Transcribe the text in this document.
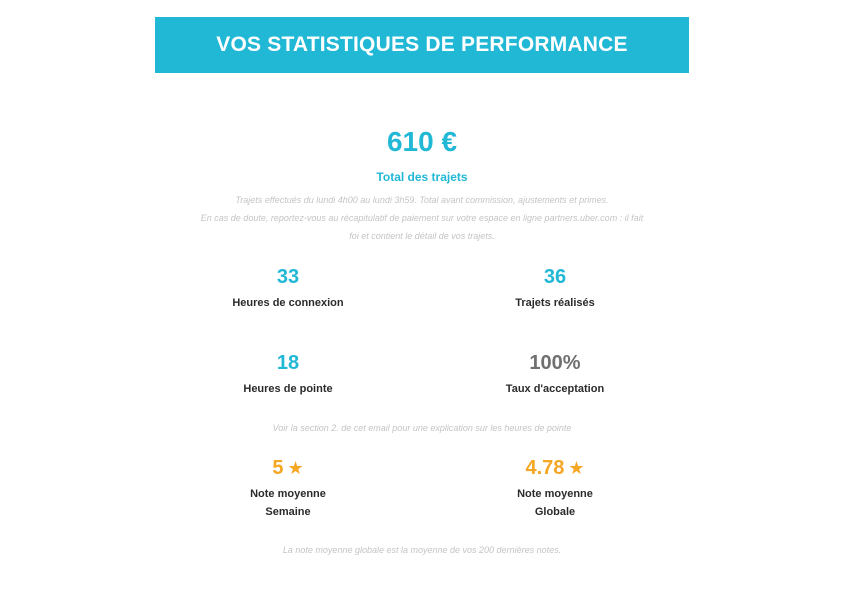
VOS STATISTIQUES DE PERFORMANCE
610 €
Total des trajets
Trajets effectués du lundi 4h00 au lundi 3h59. Total avant commission, ajustements et primes.
En cas de doute, reportez-vous au récapitulatif de paiement sur votre espace en ligne partners.uber.com : il fait
foi et contient le détail de vos trajets.
33
Heures de connexion
36
Trajets réalisés
18
Heures de pointe
100%
Taux d'acceptation
Voir la section 2. de cet email pour une explication sur les heures de pointe
5 ★
Note moyenne
Semaine
4.78 ★
Note moyenne
Globale
La note moyenne globale est la moyenne de vos 200 dernières notes.
